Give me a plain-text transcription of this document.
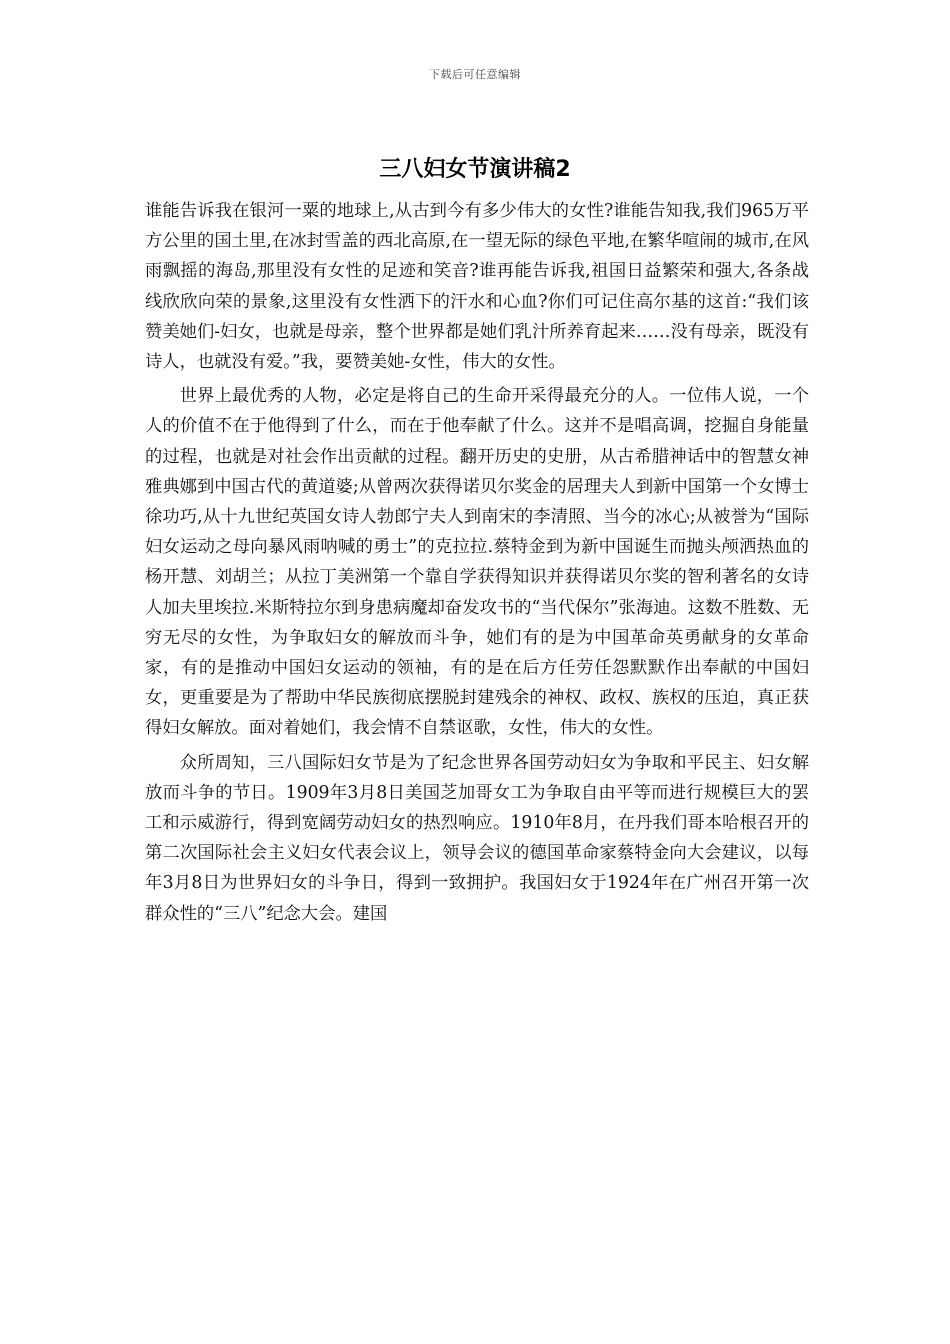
下载后可任意编辑
三八妇女节演讲稿2

谁能告诉我在银河一粟的地球上,从古到今有多少伟大的女性?谁能告知我,我们965万平方公里的国土里,在冰封雪盖的西北高原,在一望无际的绿色平地,在繁华喧闹的城市,在风雨飘摇的海岛,那里没有女性的足迹和笑音?谁再能告诉我,祖国日益繁荣和强大,各条战线欣欣向荣的景象,这里没有女性洒下的汗水和心血?你们可记住高尔基的这首:“我们该赞美她们-妇女，也就是母亲，整个世界都是她们乳汁所养育起来……没有母亲，既没有诗人，也就没有爱。”我，要赞美她-女性，伟大的女性。

世界上最优秀的人物，必定是将自己的生命开采得最充分的人。一位伟人说，一个人的价值不在于他得到了什么，而在于他奉献了什么。这并不是唱高调，挖掘自身能量的过程，也就是对社会作出贡献的过程。翻开历史的史册，从古希腊神话中的智慧女神雅典娜到中国古代的黄道婆;从曾两次获得诺贝尔奖金的居理夫人到新中国第一个女博士徐功巧,从十九世纪英国女诗人勃郎宁夫人到南宋的李清照、当今的冰心;从被誉为“国际妇女运动之母向暴风雨呐喊的勇士”的克拉拉.蔡特金到为新中国诞生而抛头颅洒热血的杨开慧、刘胡兰；从拉丁美洲第一个靠自学获得知识并获得诺贝尔奖的智利著名的女诗人加夫里埃拉.米斯特拉尔到身患病魔却奋发攻书的“当代保尔”张海迪。这数不胜数、无穷无尽的女性，为争取妇女的解放而斗争，她们有的是为中国革命英勇献身的女革命家，有的是推动中国妇女运动的领袖，有的是在后方任劳任怨默默作出奉献的中国妇女，更重要是为了帮助中华民族彻底摆脱封建残余的神权、政权、族权的压迫，真正获得妇女解放。面对着她们，我会情不自禁讴歌，女性，伟大的女性。

众所周知，三八国际妇女节是为了纪念世界各国劳动妇女为争取和平民主、妇女解放而斗争的节日。1909年3月8日美国芝加哥女工为争取自由平等而进行规模巨大的罢工和示威游行，得到宽阔劳动妇女的热烈响应。1910年8月，在丹我们哥本哈根召开的第二次国际社会主义妇女代表会议上，领导会议的德国革命家蔡特金向大会建议，以每年3月8日为世界妇女的斗争日，得到一致拥护。我国妇女于1924年在广州召开第一次群众性的“三八”纪念大会。建国
